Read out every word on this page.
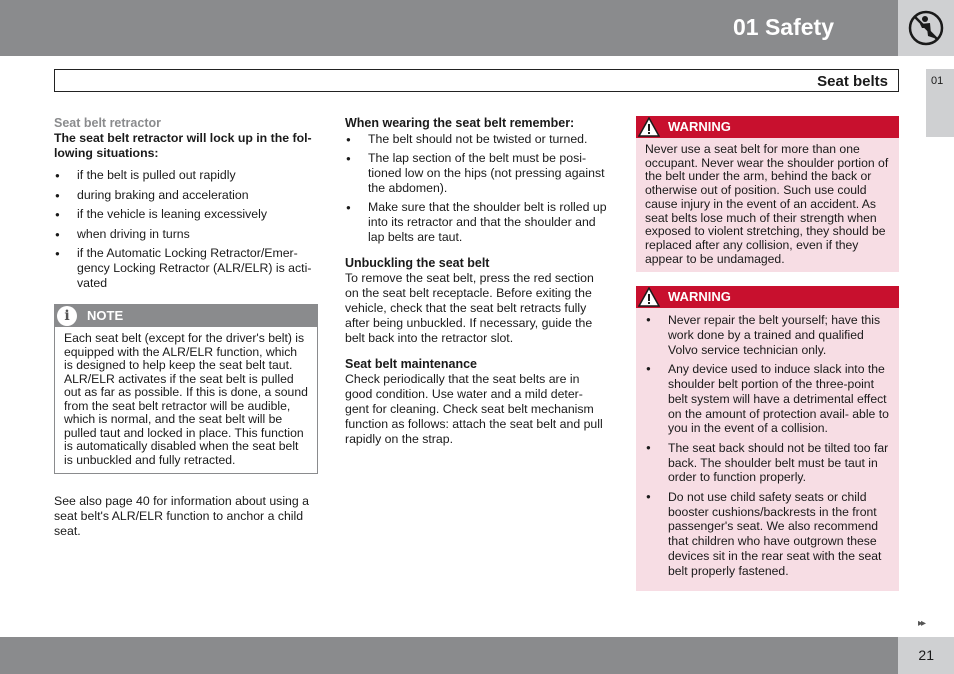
01 Safety
Seat belts	01
Seat belt retractor
The seat belt retractor will lock up in the fol- lowing situations:
● if the belt is pulled out rapidly
● during braking and acceleration
● if the vehicle is leaning excessively
● when driving in turns
● if the Automatic Locking Retractor/Emer- gency Locking Retractor (ALR/ELR) is acti- vated
i	NOTE
Each seat belt (except for the driver's belt) is equipped with the ALR/ELR function, which is designed to help keep the seat belt taut. ALR/ELR activates if the seat belt is pulled out as far as possible. If this is done, a sound from the seat belt retractor will be audible, which is normal, and the seat belt will be pulled taut and locked in place. This function is automatically disabled when the seat belt is unbuckled and fully retracted.
See also page 40 for information about using a seat belt's ALR/ELR function to anchor a child seat.
When wearing the seat belt remember:
● The belt should not be twisted or turned.
● The lap section of the belt must be posi- tioned low on the hips (not pressing against the abdomen).
● Make sure that the shoulder belt is rolled up into its retractor and that the shoulder and lap belts are taut.
Unbuckling the seat belt
To remove the seat belt, press the red section on the seat belt receptacle. Before exiting the vehicle, check that the seat belt retracts fully after being unbuckled. If necessary, guide the belt back into the retractor slot.
Seat belt maintenance
Check periodically that the seat belts are in good condition. Use water and a mild deter- gent for cleaning. Check seat belt mechanism function as follows: attach the seat belt and pull rapidly on the strap.
WARNING
Never use a seat belt for more than one occupant. Never wear the shoulder portion of the belt under the arm, behind the back or otherwise out of position. Such use could cause injury in the event of an accident. As seat belts lose much of their strength when exposed to violent stretching, they should be replaced after any collision, even if they appear to be undamaged.
WARNING
● Never repair the belt yourself; have this work done by a trained and qualified Volvo service technician only.
● Any device used to induce slack into the shoulder belt portion of the three-point belt system will have a detrimental effect on the amount of protection avail- able to you in the event of a collision.
● The seat back should not be tilted too far back. The shoulder belt must be taut in order to function properly.
● Do not use child safety seats or child booster cushions/backrests in the front passenger's seat. We also recommend that children who have outgrown these devices sit in the rear seat with the seat belt properly fastened.
▸▸
21
